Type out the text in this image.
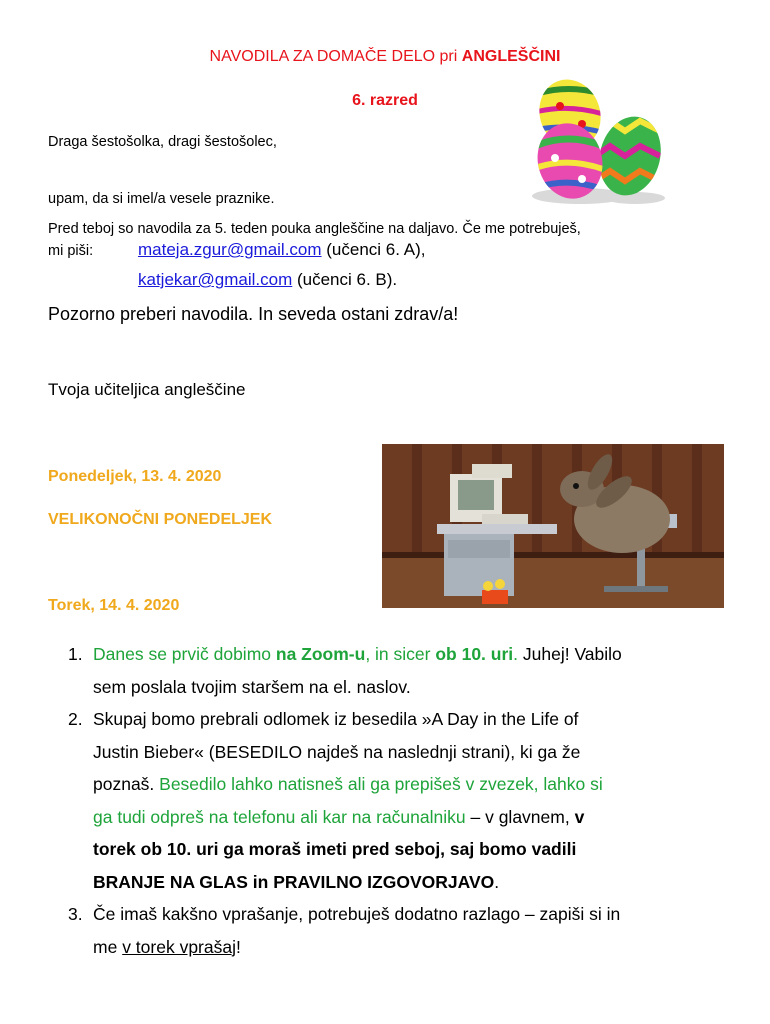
NAVODILA ZA DOMAČE DELO pri ANGLEŠČINI
6. razred
Draga šestošolka, dragi šestošolec,
upam, da si imel/a vesele praznike.
Pred teboj so navodila za 5. teden pouka angleščine na daljavo. Če me potrebuješ,
mi piši:	mateja.zgur@gmail.com (učenci 6. A),
katjekar@gmail.com (učenci 6. B).
Pozorno preberi navodila. In seveda ostani zdrav/a!
Tvoja učiteljica angleščine
Ponedeljek, 13. 4. 2020
VELIKONOČNI PONEDELJEK
Torek, 14. 4. 2020
1. Danes se prvič dobimo na Zoom-u, in sicer ob 10. uri. Juhej! Vabilo
sem poslala tvojim staršem na el. naslov.
2. Skupaj bomo prebrali odlomek iz besedila »A Day in the Life of
Justin Bieber« (BESEDILO najdeš na naslednji strani), ki ga že
poznaš. Besedilo lahko natisneš ali ga prepišeš v zvezek, lahko si
ga tudi odpreš na telefonu ali kar na računalniku – v glavnem, v
torek ob 10. uri ga moraš imeti pred seboj, saj bomo vadili
BRANJE NA GLAS in PRAVILNO IZGOVORJAVO.
3. Če imaš kakšno vprašanje, potrebuješ dodatno razlago – zapiši si in
me v torek vprašaj!
